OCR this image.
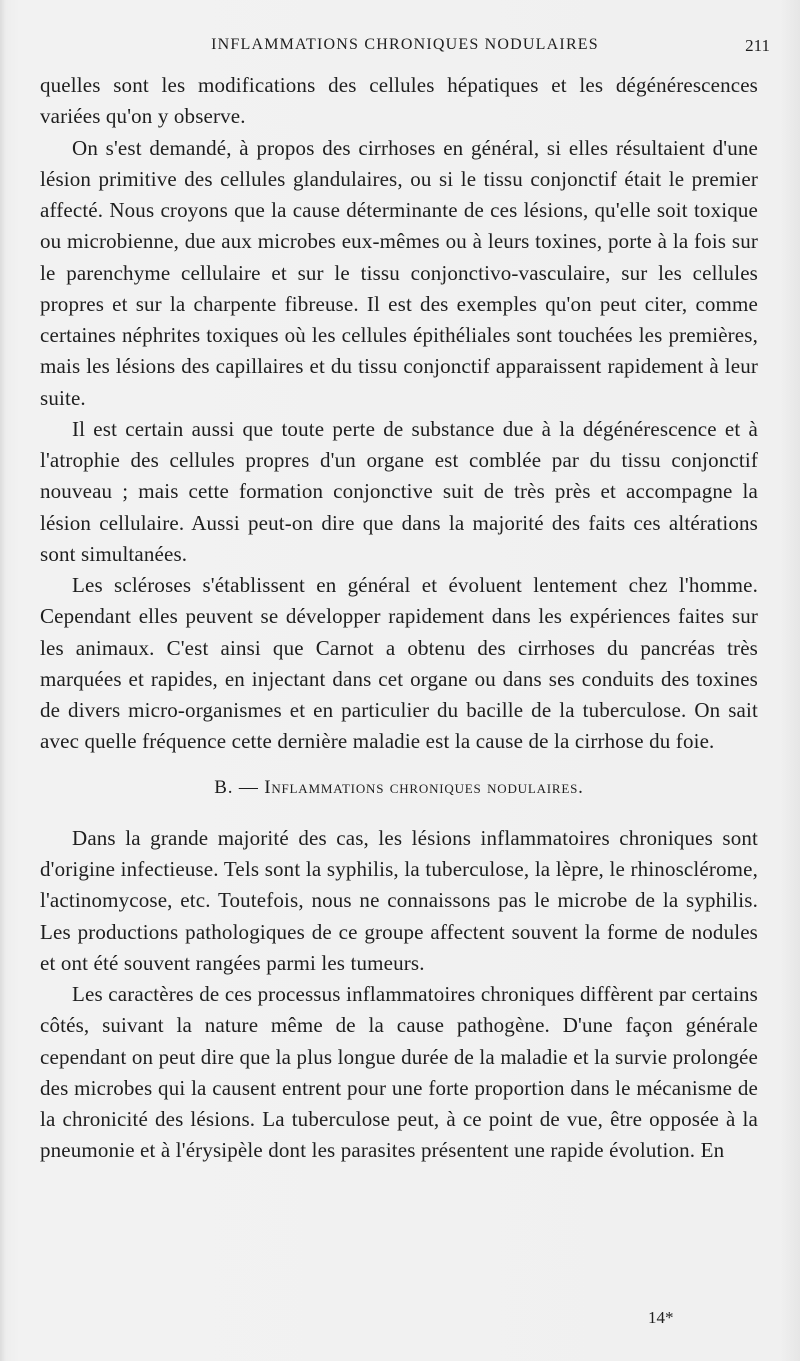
INFLAMMATIONS CHRONIQUES NODULAIRES	211

quelles sont les modifications des cellules hépatiques et les dégénérescences variées qu'on y observe.

On s'est demandé, à propos des cirrhoses en général, si elles résultaient d'une lésion primitive des cellules glandulaires, ou si le tissu conjonctif était le premier affecté. Nous croyons que la cause déterminante de ces lésions, qu'elle soit toxique ou microbienne, due aux microbes eux-mêmes ou à leurs toxines, porte à la fois sur le parenchyme cellulaire et sur le tissu conjonctivo-vasculaire, sur les cellules propres et sur la charpente fibreuse. Il est des exemples qu'on peut citer, comme certaines néphrites toxiques où les cellules épithéliales sont touchées les premières, mais les lésions des capillaires et du tissu conjonctif apparaissent rapidement à leur suite.

Il est certain aussi que toute perte de substance due à la dégénérescence et à l'atrophie des cellules propres d'un organe est comblée par du tissu conjonctif nouveau ; mais cette formation conjonctive suit de très près et accompagne la lésion cellulaire. Aussi peut-on dire que dans la majorité des faits ces altérations sont simultanées.

Les scléroses s'établissent en général et évoluent lentement chez l'homme. Cependant elles peuvent se développer rapidement dans les expériences faites sur les animaux. C'est ainsi que Carnot a obtenu des cirrhoses du pancréas très marquées et rapides, en injectant dans cet organe ou dans ses conduits des toxines de divers micro-organismes et en particulier du bacille de la tuberculose. On sait avec quelle fréquence cette dernière maladie est la cause de la cirrhose du foie.

B. — Inflammations chroniques nodulaires.

Dans la grande majorité des cas, les lésions inflammatoires chroniques sont d'origine infectieuse. Tels sont la syphilis, la tuberculose, la lèpre, le rhinosclérome, l'actinomycose, etc. Toutefois, nous ne connaissons pas le microbe de la syphilis. Les productions pathologiques de ce groupe affectent souvent la forme de nodules et ont été souvent rangées parmi les tumeurs.

Les caractères de ces processus inflammatoires chroniques diffèrent par certains côtés, suivant la nature même de la cause pathogène. D'une façon générale cependant on peut dire que la plus longue durée de la maladie et la survie prolongée des microbes qui la causent entrent pour une forte proportion dans le mécanisme de la chronicité des lésions. La tuberculose peut, à ce point de vue, être opposée à la pneumonie et à l'érysipèle dont les parasites présentent une rapide évolution. En

14*
